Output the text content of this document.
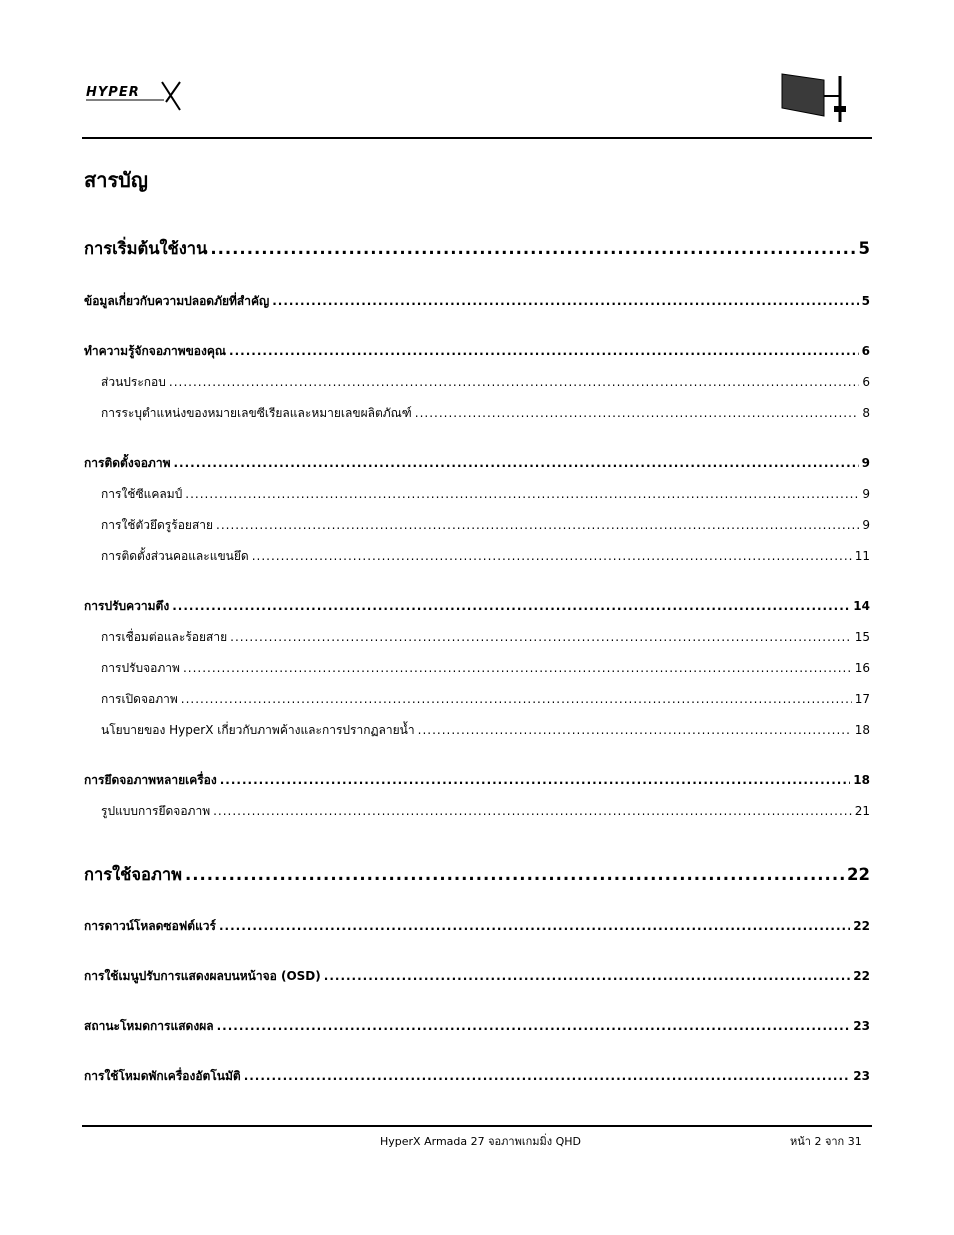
HYPER
สารบัญ
การเริ่มต้นใช้งาน .....	5
ข้อมูลเกี่ยวกับความปลอดภัยที่สำคัญ .....	5
ทำความรู้จักจอภาพของคุณ .....	6
ส่วนประกอบ .....	6
การระบุตำแหน่งของหมายเลขซีเรียลและหมายเลขผลิตภัณฑ์ .....	8
การติดตั้งจอภาพ .....	9
การใช้ซีแคลมป์ .....	9
การใช้ตัวยึดรูร้อยสาย .....	9
การติดตั้งส่วนคอและแขนยึด .....	11
การปรับความตึง .....	14
การเชื่อมต่อและร้อยสาย .....	15
การปรับจอภาพ .....	16
การเปิดจอภาพ .....	17
นโยบายของ HyperX เกี่ยวกับภาพค้างและการปรากฏลายน้ำ .....	18
การยึดจอภาพหลายเครื่อง .....	18
รูปแบบการยึดจอภาพ .....	21
การใช้จอภาพ .....	22
การดาวน์โหลดซอฟต์แวร์ .....	22
การใช้เมนูปรับการแสดงผลบนหน้าจอ (OSD) .....	22
สถานะโหมดการแสดงผล .....	23
การใช้โหมดพักเครื่องอัตโนมัติ .....	23
HyperX Armada 27 จอภาพเกมมิ่ง QHD	หน้า 2 จาก 31
